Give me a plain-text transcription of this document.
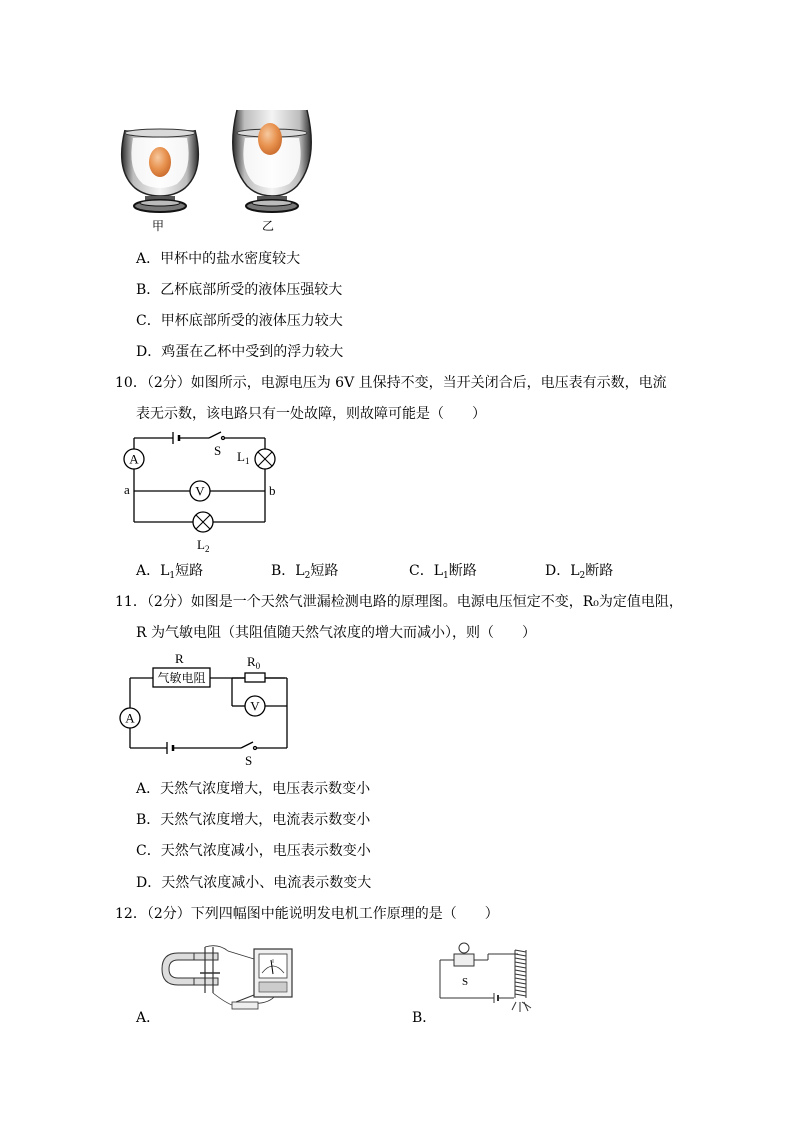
甲	乙
A．甲杯中的盐水密度较大
B．乙杯底部所受的液体压强较大
C．甲杯底部所受的液体压力较大
D．鸡蛋在乙杯中受到的浮力较大
10．（2分）如图所示，电源电压为 6V 且保持不变，当开关闭合后，电压表有示数，电流
表无示数，该电路只有一处故障，则故障可能是（　　）
A
V
S $L_1$
a	b
$L_2$
A．$L_1$短路	B．$L_2$短路	C．$L_1$断路	D．$L_2$断路
11．（2分）如图是一个天然气泄漏检测电路的原理图。电源电压恒定不变，R₀为定值电阻，
R 为气敏电阻（其阻值随天然气浓度的增大而减小），则（　　）
气敏电阻
V
A
R	$R_0$
S
A．天然气浓度增大，电压表示数变小
B．天然气浓度增大，电流表示数变小
C．天然气浓度减小，电压表示数变小
D．天然气浓度减小、电流表示数变大
12．（2分）下列四幅图中能说明发电机工作原理的是（　　）
A．	B．
S
